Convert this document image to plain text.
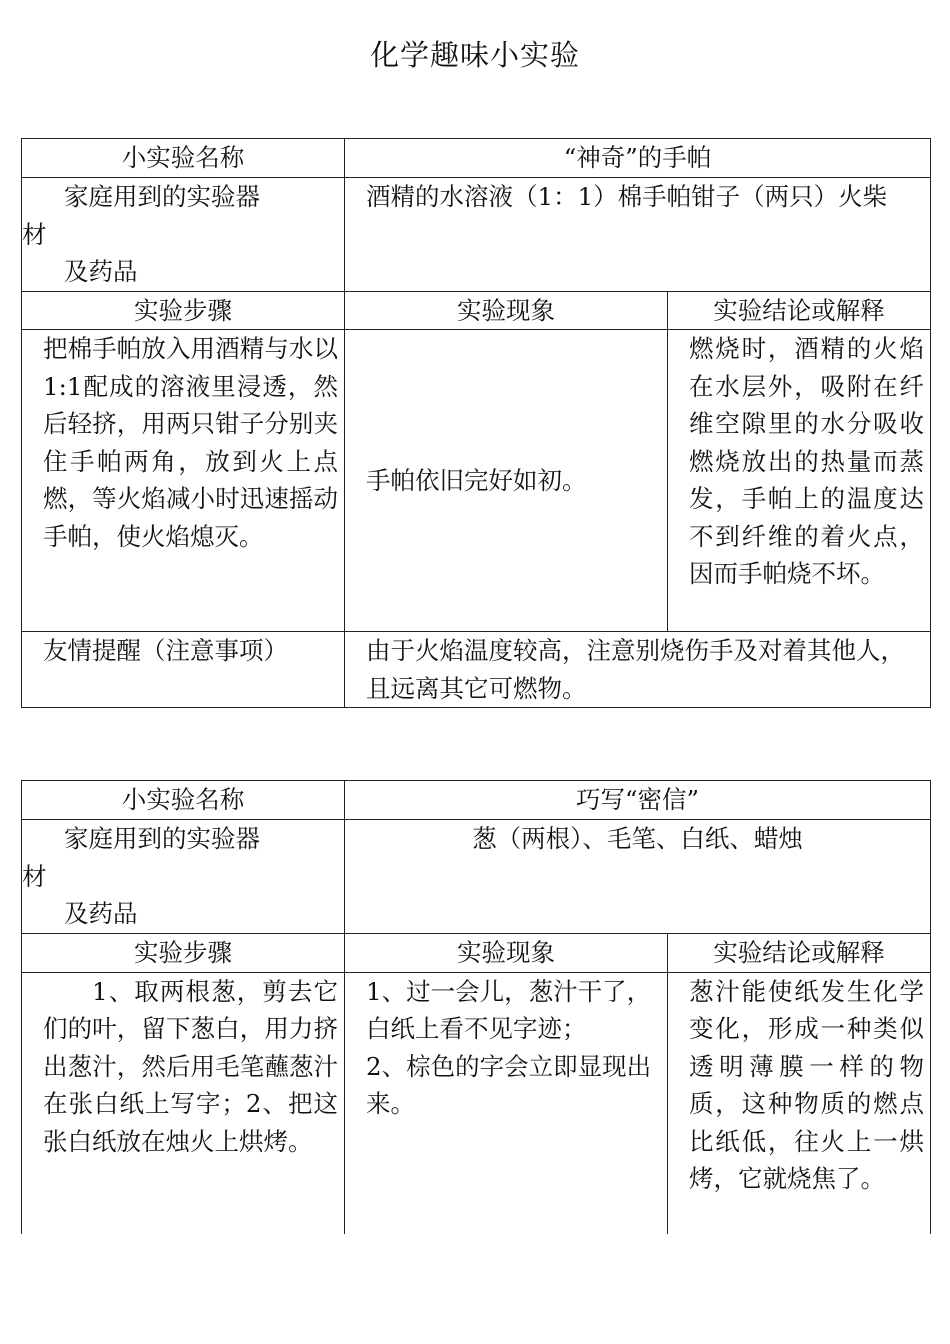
化学趣味小实验
小实验名称	“神奇”的手帕	

家庭用到的实验器
材
及药品	酒精的水溶液（1：1）棉手帕钳子（两只）火柴	
实验步骤	实验现象	实验结论或解释
把棉手帕放入用酒精与水以1:1配成的溶液里浸透，然后轻挤，用两只钳子分别夹住手帕两角，放到火上点燃，等火焰减小时迅速摇动手帕，使火焰熄灭。	手帕依旧完好如初。	燃烧时，酒精的火焰在水层外，吸附在纤维空隙里的水分吸收燃烧放出的热量而蒸发，手帕上的温度达不到纤维的着火点，因而手帕烧不坏。
友情提醒（注意事项）	由于火焰温度较高，注意别烧伤手及对着其他人，且远离其它可燃物。	
小实验名称	巧写“密信”	

家庭用到的实验器
材
及药品	葱（两根）、毛笔、白纸、蜡烛	
实验步骤	实验现象	实验结论或解释
1、取两根葱，剪去它们的叶，留下葱白，用力挤出葱汁，然后用毛笔蘸葱汁在张白纸上写字；2、把这张白纸放在烛火上烘烤。	1、过一会儿，葱汁干了，白纸上看不见字迹；
2、棕色的字会立即显现出来。	葱汁能使纸发生化学变化，形成一种类似透明薄膜一样的物质，这种物质的燃点比纸低，往火上一烘烤，它就烧焦了。
